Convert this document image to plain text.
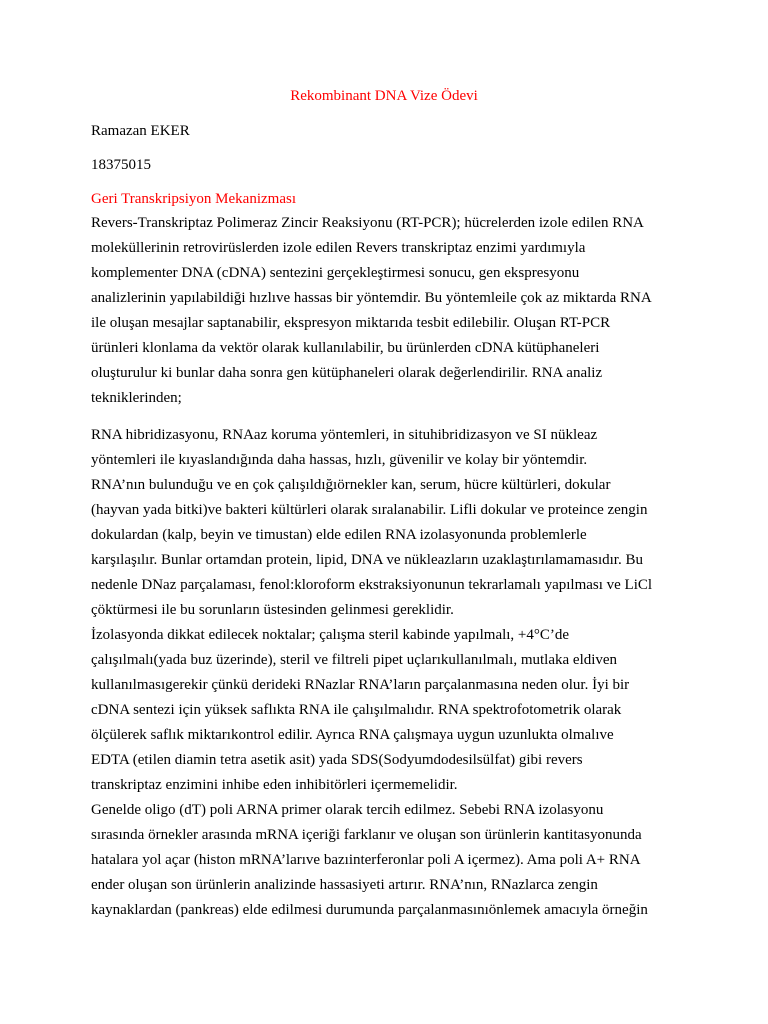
Rekombinant DNA Vize Ödevi

Ramazan EKER

18375015

Geri Transkripsiyon Mekanizması

Revers-Transkriptaz Polimeraz Zincir Reaksiyonu (RT-PCR); hücrelerden izole edilen RNA
moleküllerinin retrovirüslerden izole edilen Revers transkriptaz enzimi yardımıyla
komplementer DNA (cDNA) sentezini gerçekleştirmesi sonucu, gen ekspresyonu
analizlerinin yapılabildiği hızlıve hassas bir yöntemdir. Bu yöntemleile çok az miktarda RNA
ile oluşan mesajlar saptanabilir, ekspresyon miktarıda tesbit edilebilir. Oluşan RT-PCR
ürünleri klonlama da vektör olarak kullanılabilir, bu ürünlerden cDNA kütüphaneleri
oluşturulur ki bunlar daha sonra gen kütüphaneleri olarak değerlendirilir. RNA analiz
tekniklerinden;
RNA hibridizasyonu, RNAaz koruma yöntemleri, in situhibridizasyon ve SI nükleaz
yöntemleri ile kıyaslandığında daha hassas, hızlı, güvenilir ve kolay bir yöntemdir.
RNA’nın bulunduğu ve en çok çalışıldığıörnekler kan, serum, hücre kültürleri, dokular
(hayvan yada bitki)ve bakteri kültürleri olarak sıralanabilir. Lifli dokular ve proteince zengin
dokulardan (kalp, beyin ve timustan) elde edilen RNA izolasyonunda problemlerle
karşılaşılır. Bunlar ortamdan protein, lipid, DNA ve nükleazların uzaklaştırılamamasıdır. Bu
nedenle DNaz parçalaması, fenol:kloroform ekstraksiyonunun tekrarlamalı yapılması ve LiCl
çöktürmesi ile bu sorunların üstesinden gelinmesi gereklidir.
İzolasyonda dikkat edilecek noktalar; çalışma steril kabinde yapılmalı, +4°C’de
çalışılmalı(yada buz üzerinde), steril ve filtreli pipet uçlarıkullanılmalı, mutlaka eldiven
kullanılmasıgerekir çünkü derideki RNazlar RNA’ların parçalanmasına neden olur. İyi bir
cDNA sentezi için yüksek saflıkta RNA ile çalışılmalıdır. RNA spektrofotometrik olarak
ölçülerek saflık miktarıkontrol edilir. Ayrıca RNA çalışmaya uygun uzunlukta olmalıve
EDTA (etilen diamin tetra asetik asit) yada SDS(Sodyumdodesilsülfat) gibi revers
transkriptaz enzimini inhibe eden inhibitörleri içermemelidir.
Genelde oligo (dT) poli ARNA primer olarak tercih edilmez. Sebebi RNA izolasyonu
sırasında örnekler arasında mRNA içeriği farklanır ve oluşan son ürünlerin kantitasyonunda
hatalara yol açar (histon mRNA’larıve bazıinterferonlar poli A içermez). Ama poli A+ RNA
ender oluşan son ürünlerin analizinde hassasiyeti artırır. RNA’nın, RNazlarca zengin
kaynaklardan (pankreas) elde edilmesi durumunda parçalanmasınıönlemek amacıyla örneğin
